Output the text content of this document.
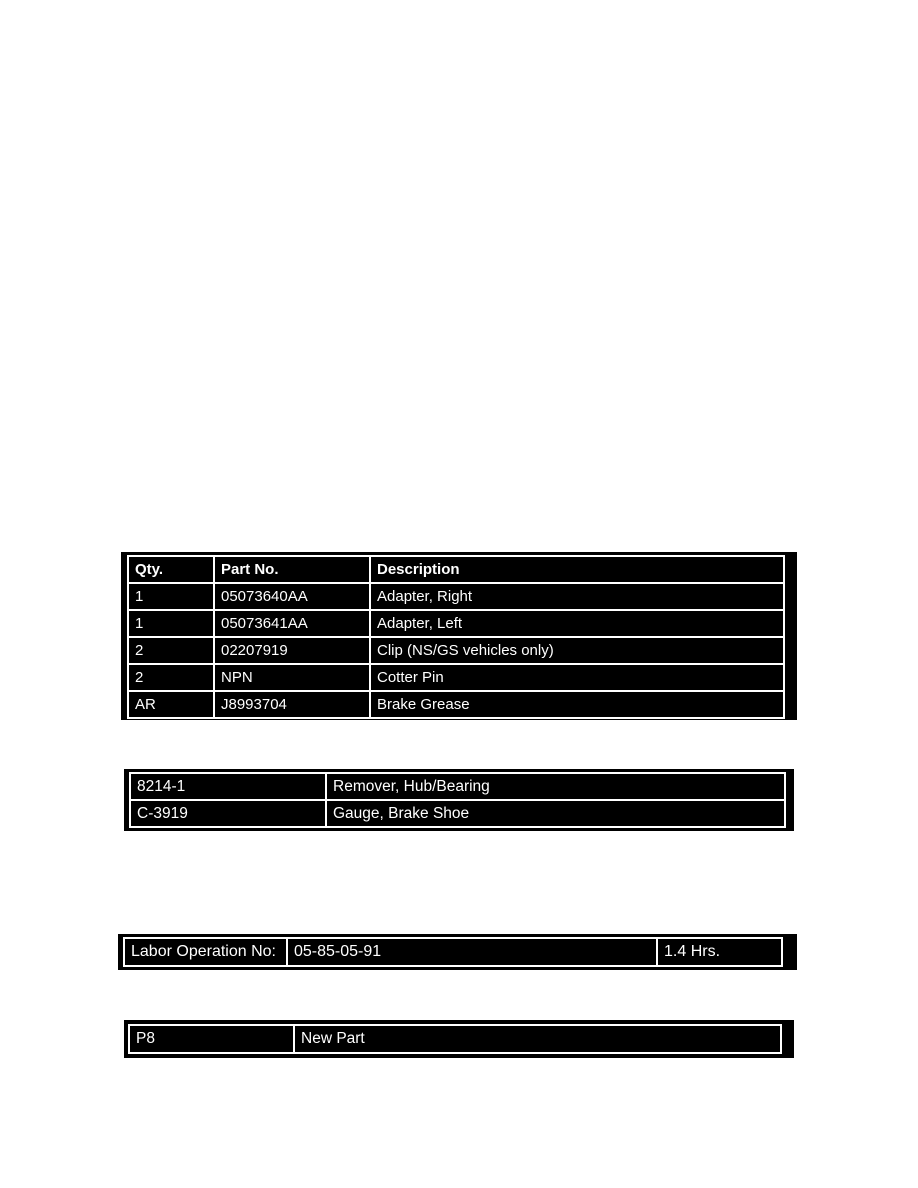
Qty.	Part No.	Description
1	05073640AA	Adapter, Right
1	05073641AA	Adapter, Left
2	02207919	Clip (NS/GS vehicles only)
2	NPN	Cotter Pin
AR	J8993704	Brake Grease
8214-1	Remover, Hub/Bearing
C-3919	Gauge, Brake Shoe
Labor Operation No:	05-85-05-91	1.4 Hrs.
P8	New Part
